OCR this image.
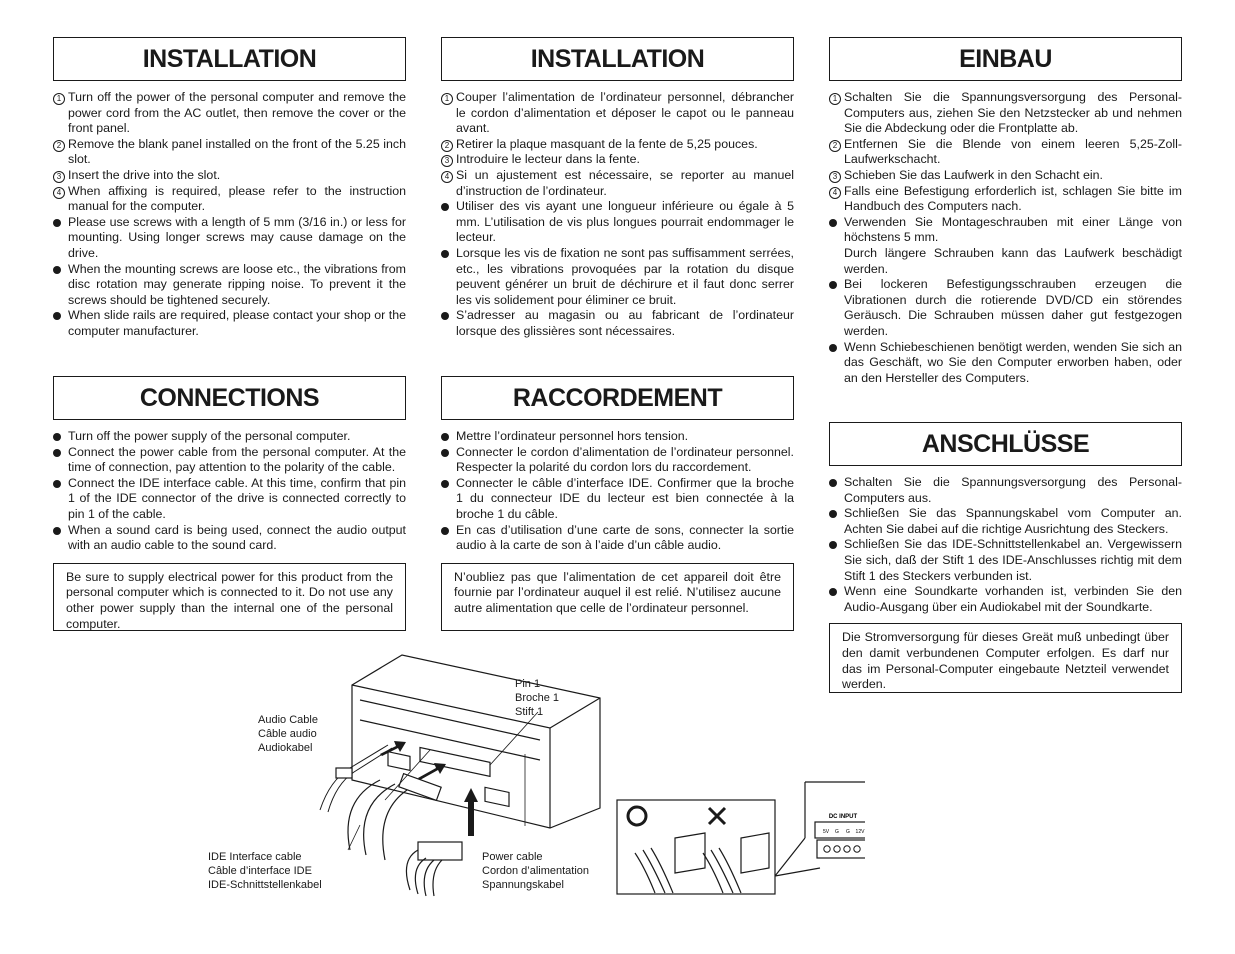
INSTALLATION
1 Turn off the power of the personal computer and remove the power cord from the AC outlet, then remove the cover or the front panel.
2 Remove the blank panel installed on the front of the 5.25 inch slot.
3 Insert the drive into the slot.
4 When affixing is required, please refer to the instruction manual for the computer.
Please use screws with a length of 5 mm (3/16 in.) or less for mounting. Using longer screws may cause damage on the drive.
When the mounting screws are loose etc., the vibrations from disc rotation may generate ripping noise. To prevent it the screws should be tightened securely.
When slide rails are required, please contact your shop or the computer manufacturer.
CONNECTIONS
Turn off the power supply of the personal computer.
Connect the power cable from the personal computer. At the time of connection, pay attention to the polarity of the cable.
Connect the IDE interface cable. At this time, confirm that pin 1 of the IDE connector of the drive is connected correctly to pin 1 of the cable.
When a sound card is being used, connect the audio output with an audio cable to the sound card.
Be sure to supply electrical power for this product from the personal computer which is connected to it. Do not use any other power supply than the internal one of the personal computer.
INSTALLATION
1 Couper l’alimentation de l’ordinateur personnel, débrancher le cordon d’alimentation et déposer le capot ou le panneau avant.
2 Retirer la plaque masquant de la fente de 5,25 pouces.
3 Introduire le lecteur dans la fente.
4 Si un ajustement est nécessaire, se reporter au manuel d’instruction de l’ordinateur.
Utiliser des vis ayant une longueur inférieure ou égale à 5 mm. L’utilisation de vis plus longues pourrait endommager le lecteur.
Lorsque les vis de fixation ne sont pas suffisamment serrées, etc., les vibrations provoquées par la rotation du disque peuvent générer un bruit de déchirure et il faut donc serrer les vis solidement pour éliminer ce bruit.
S’adresser au magasin ou au fabricant de l’ordinateur lorsque des glissières sont nécessaires.
RACCORDEMENT
Mettre l’ordinateur personnel hors tension.
Connecter le cordon d’alimentation de l’ordinateur personnel. Respecter la polarité du cordon lors du raccordement.
Connecter le câble d’interface IDE. Confirmer que la broche 1 du connecteur IDE du lecteur est bien connectée à la broche 1 du câble.
En cas d’utilisation d’une carte de sons, connecter la sortie audio à la carte de son à l’aide d’un câble audio.
N’oubliez pas que l’alimentation de cet appareil doit être fournie par l’ordinateur auquel il est relié. N’utilisez aucune autre alimentation que celle de l’ordinateur personnel.
EINBAU
1 Schalten Sie die Spannungsversorgung des Personal-Computers aus, ziehen Sie den Netzstecker ab und nehmen Sie die Abdeckung oder die Frontplatte ab.
2 Entfernen Sie die Blende von einem leeren 5,25-Zoll-Laufwerkschacht.
3 Schieben Sie das Laufwerk in den Schacht ein.
4 Falls eine Befestigung erforderlich ist, schlagen Sie bitte im Handbuch des Computers nach.
Verwenden Sie Montageschrauben mit einer Länge von höchstens 5 mm.
Durch längere Schrauben kann das Laufwerk beschädigt werden.
Bei lockeren Befestigungsschrauben erzeugen die Vibrationen durch die rotierende DVD/CD ein störendes Geräusch. Die Schrauben müssen daher gut festgezogen werden.
Wenn Schiebeschienen benötigt werden, wenden Sie sich an das Geschäft, wo Sie den Computer erworben haben, oder an den Hersteller des Computers.
ANSCHLÜSSE
Schalten Sie die Spannungsversorgung des Personal-Computers aus.
Schließen Sie das Spannungskabel vom Computer an. Achten Sie dabei auf die richtige Ausrichtung des Steckers.
Schließen Sie das IDE-Schnittstellenkabel an. Vergewissern Sie sich, daß der Stift 1 des IDE-Anschlusses richtig mit dem Stift 1 des Steckers verbunden ist.
Wenn eine Soundkarte vorhanden ist, verbinden Sie den Audio-Ausgang über ein Audiokabel mit der Soundkarte.
Die Stromversorgung für dieses Greät muß unbedingt über den damit verbundenen Computer erfolgen. Es darf nur das im Personal-Computer eingebaute Netzteil verwendet werden.
Audio Cable
Câble audio
Audiokabel
Pin 1
Broche 1
Stift 1
IDE Interface cable
Câble d’interface IDE
IDE-Schnittstellenkabel
Power cable
Cordon d’alimentation
Spannungskabel
DC INPUT
5V G G 12V
